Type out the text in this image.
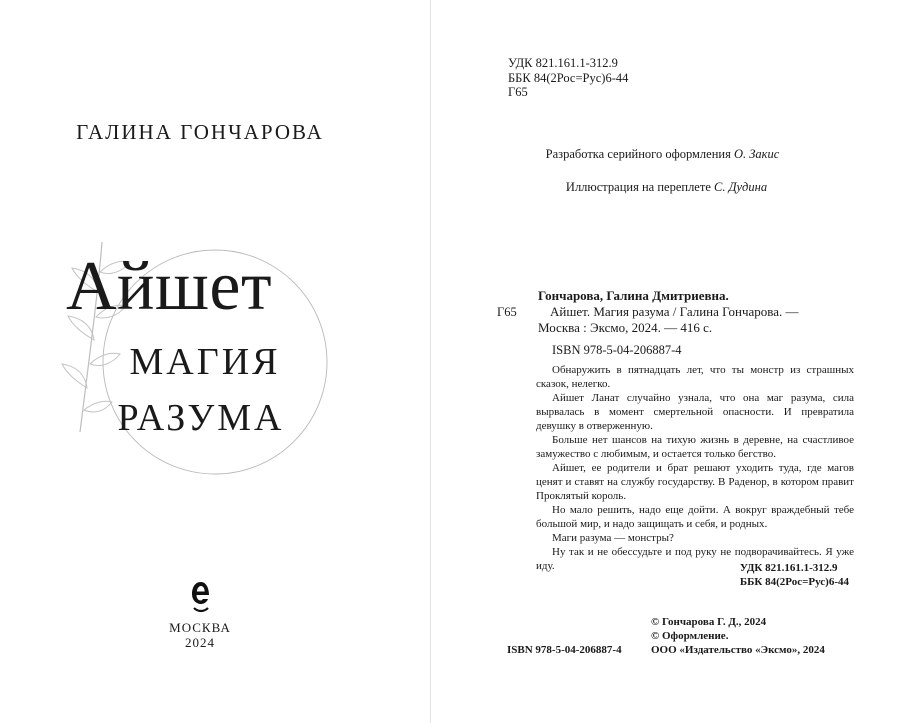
ГАЛИНА ГОНЧАРОВА
Айшет
МАГИЯ
РАЗУМА
МОСКВА
2024
УДК 821.161.1-312.9
ББК 84(2Рос=Рус)6-44
Г65
Разработка серийного оформления О. Закис
Иллюстрация на переплете С. Дудина
Г65
Гончарова, Галина Дмитриевна.
Айшет. Магия разума / Галина Гончарова. —
Москва : Эксмо, 2024. — 416 с.
ISBN 978-5-04-206887-4

Обнаружить в пятнадцать лет, что ты монстр из страшных сказок, нелегко.

Айшет Ланат случайно узнала, что она маг разума, сила вырвалась в момент смертельной опасности. И превратила девушку в отверженную.

Больше нет шансов на тихую жизнь в деревне, на счастливое замужество с любимым, и остается только бегство.

Айшет, ее родители и брат решают уходить туда, где магов ценят и ставят на службу государству. В Раденор, в котором правит Проклятый король.

Но мало решить, надо еще дойти. А вокруг враждебный тебе большой мир, и надо защищать и себя, и родных.

Маги разума — монстры?

Ну так и не обессудьте и под руку не подворачивайтесь. Я уже иду.	УДК 821.161.1-312.9
ББК 84(2Рос=Рус)6-44
© Гончарова Г. Д., 2024
© Оформление.
ООО «Издательство «Эксмо», 2024
ISBN 978-5-04-206887-4
